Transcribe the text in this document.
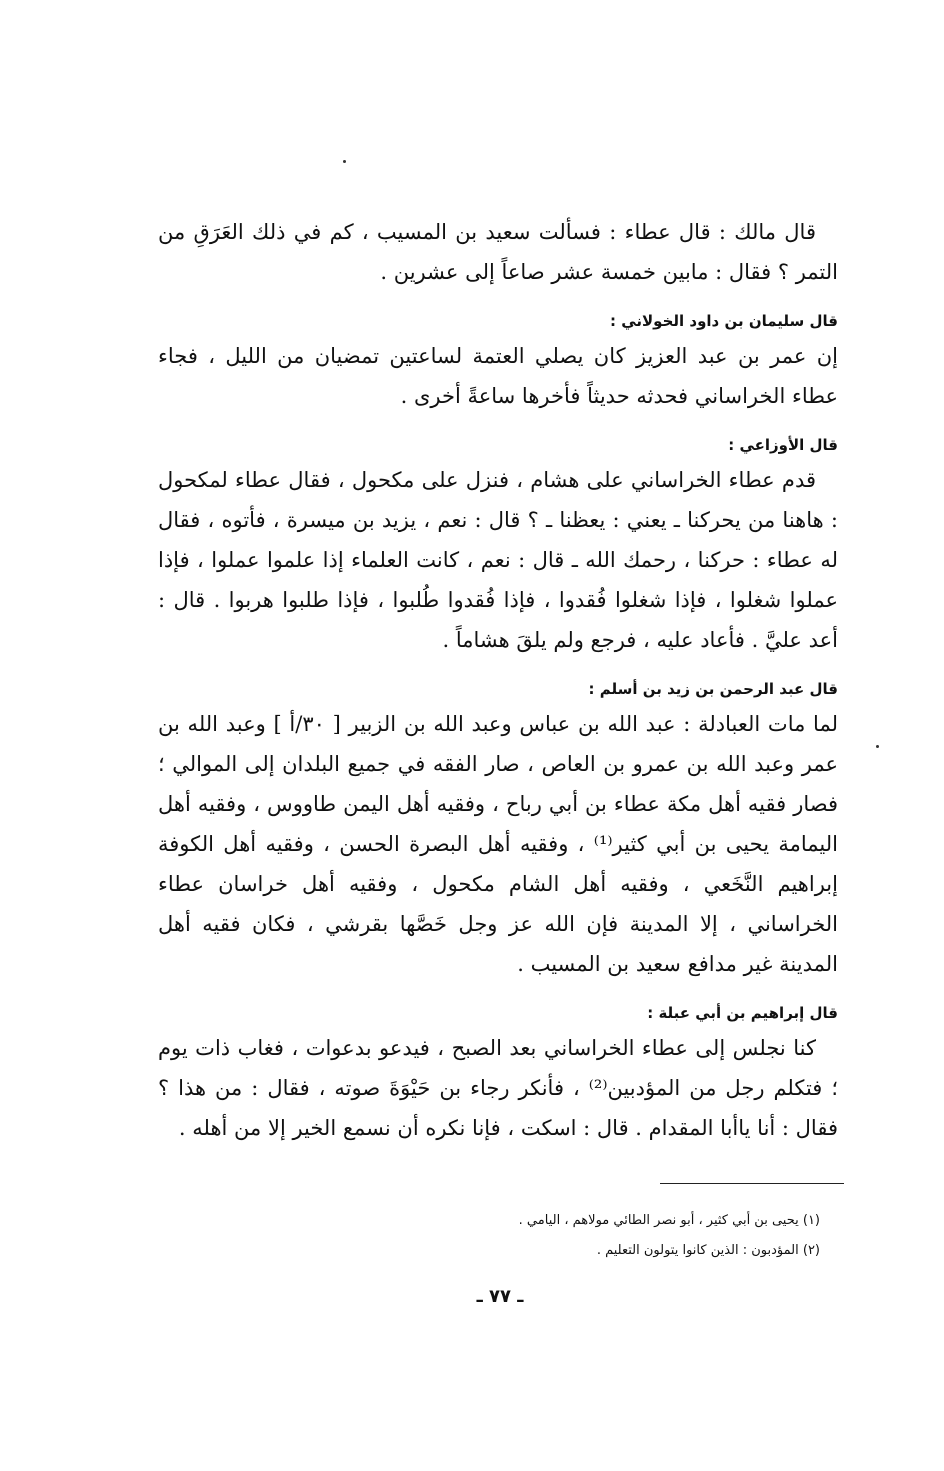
قال مالك : قال عطاء : فسألت سعيد بن المسيب ، كم في ذلك العَرَقِ من التمر ؟ فقال : مابين خمسة عشر صاعاً إلى عشرين .

قال سليمان بن داود الخولاني :

إن عمر بن عبد العزيز كان يصلي العتمة لساعتين تمضيان من الليل ، فجاء عطاء الخراساني فحدثه حديثاً فأخرها ساعةً أخرى .

قال الأوزاعي :

قدم عطاء الخراساني على هشام ، فنزل على مكحول ، فقال عطاء لمكحول : هاهنا من يحركنا ـ يعني : يعظنا ـ ؟ قال : نعم ، يزيد بن ميسرة ، فأتوه ، فقال له عطاء : حركنا ، رحمك الله ـ قال : نعم ، كانت العلماء إذا علموا عملوا ، فإذا عملوا شغلوا ، فإذا شغلوا فُقدوا ، فإذا فُقدوا طُلبوا ، فإذا طلبوا هربوا . قال : أعد عليَّ . فأعاد عليه ، فرجع ولم يلقَ هشاماً .

قال عبد الرحمن بن زيد بن أسلم :

لما مات العبادلة : عبد الله بن عباس وعبد الله بن الزبير [ ٣٠/أ ] وعبد الله بن عمر وعبد الله بن عمرو بن العاص ، صار الفقه في جميع البلدان إلى الموالي ؛ فصار فقيه أهل مكة عطاء بن أبي رباح ، وفقيه أهل اليمن طاووس ، وفقيه أهل اليمامة يحيى بن أبي كثير⁽¹⁾ ، وفقيه أهل البصرة الحسن ، وفقيه أهل الكوفة إبراهيم النَّخَعي ، وفقيه أهل الشام مكحول ، وفقيه أهل خراسان عطاء الخراساني ، إلا المدينة فإن الله عز وجل خَصَّها بقرشي ، فكان فقيه أهل المدينة غير مدافع سعيد بن المسيب .

قال إبراهيم بن أبي عبلة :

كنا نجلس إلى عطاء الخراساني بعد الصبح ، فيدعو بدعوات ، فغاب ذات يوم ؛ فتكلم رجل من المؤدبين⁽²⁾ ، فأنكر رجاء بن حَيْوَةَ صوته ، فقال : من هذا ؟ فقال : أنا ياأبا المقدام . قال : اسكت ، فإنا نكره أن نسمع الخير إلا من أهله .

(١) يحيى بن أبي كثير ، أبو نصر الطائي مولاهم ، اليامي .
(٢) المؤدبون : الذين كانوا يتولون التعليم .
ـ ٧٧ ـ
